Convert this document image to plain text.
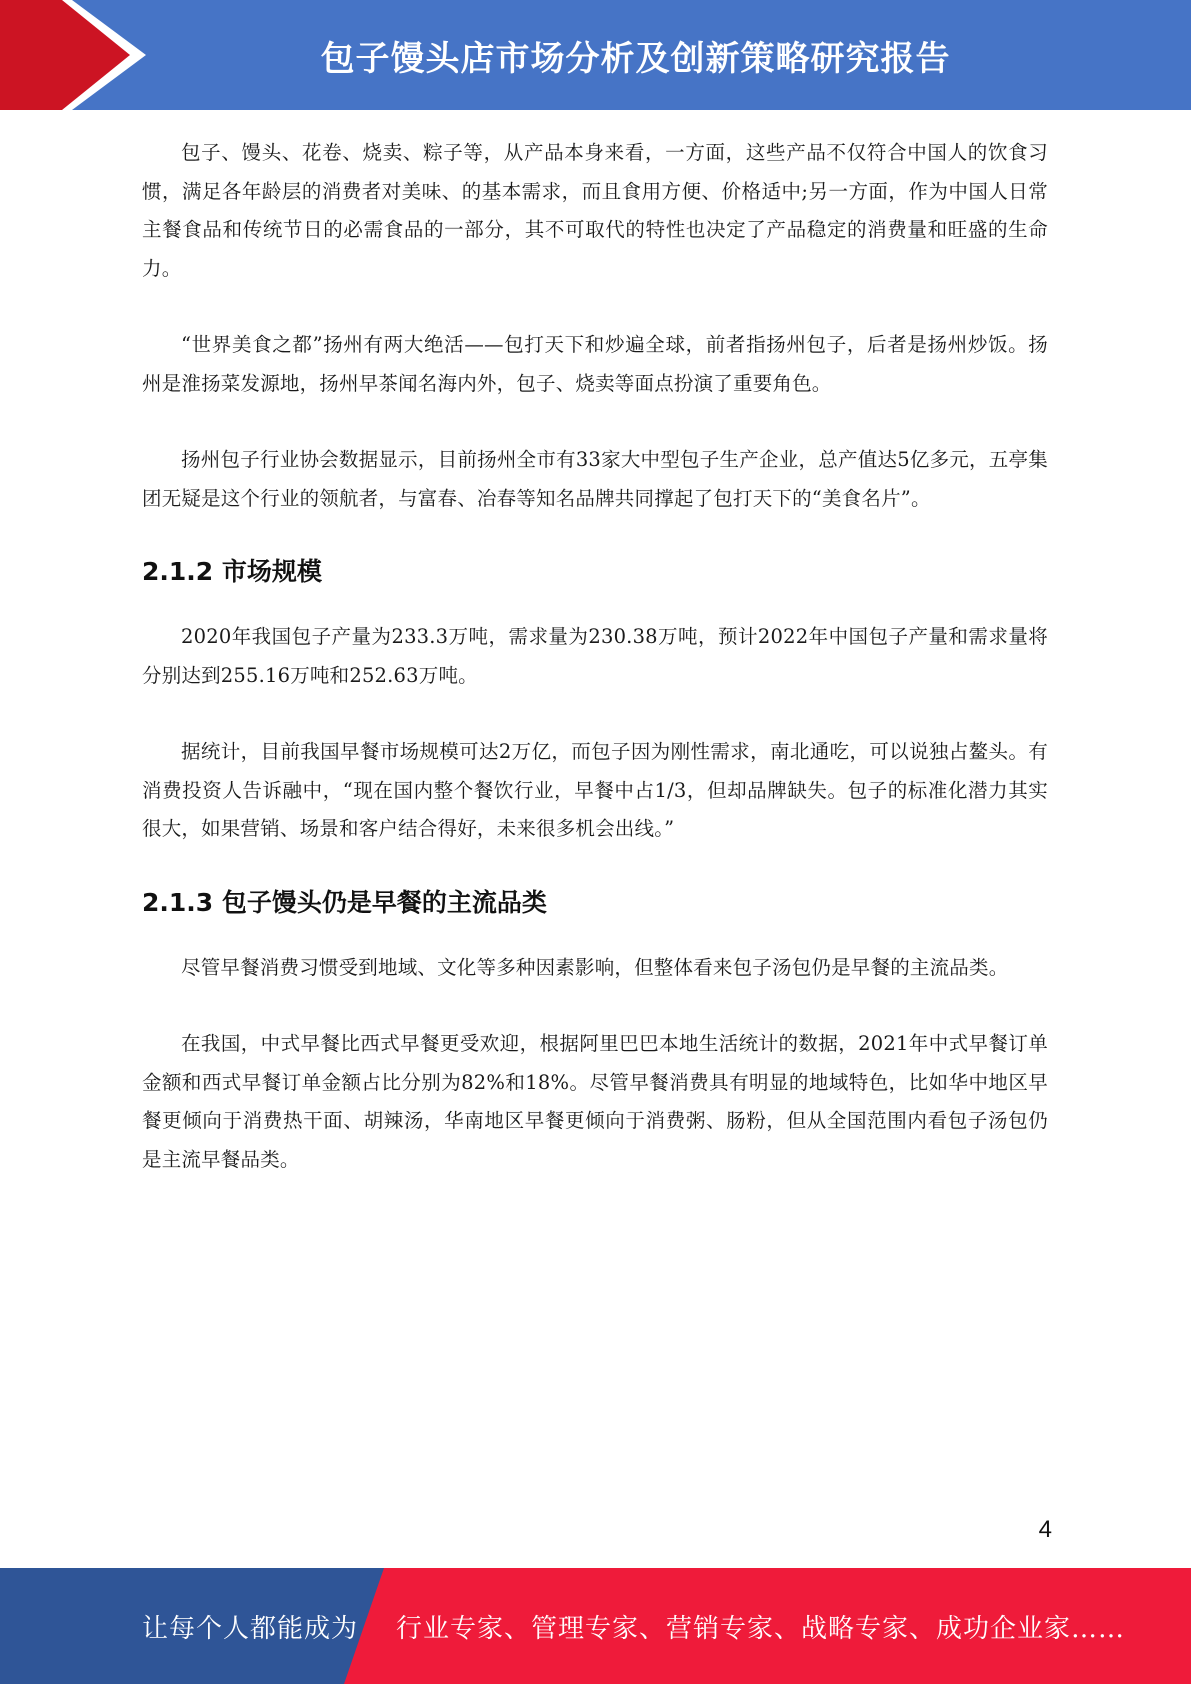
包子馒头店市场分析及创新策略研究报告

包子、馒头、花卷、烧卖、粽子等，从产品本身来看，一方面，这些产品不仅符合中国人的饮食习惯，满足各年龄层的消费者对美味、的基本需求，而且食用方便、价格适中;另一方面，作为中国人日常主餐食品和传统节日的必需食品的一部分，其不可取代的特性也决定了产品稳定的消费量和旺盛的生命力。

“世界美食之都”扬州有两大绝活——包打天下和炒遍全球，前者指扬州包子，后者是扬州炒饭。扬州是淮扬菜发源地，扬州早茶闻名海内外，包子、烧卖等面点扮演了重要角色。

扬州包子行业协会数据显示，目前扬州全市有33家大中型包子生产企业，总产值达5亿多元，五亭集团无疑是这个行业的领航者，与富春、冶春等知名品牌共同撑起了包打天下的“美食名片”。

2.1.2 市场规模

2020年我国包子产量为233.3万吨，需求量为230.38万吨，预计2022年中国包子产量和需求量将分别达到255.16万吨和252.63万吨。

据统计，目前我国早餐市场规模可达2万亿，而包子因为刚性需求，南北通吃，可以说独占鳌头。有消费投资人告诉融中，“现在国内整个餐饮行业，早餐中占1/3，但却品牌缺失。包子的标准化潜力其实很大，如果营销、场景和客户结合得好，未来很多机会出线。”

2.1.3 包子馒头仍是早餐的主流品类

尽管早餐消费习惯受到地域、文化等多种因素影响，但整体看来包子汤包仍是早餐的主流品类。

在我国，中式早餐比西式早餐更受欢迎，根据阿里巴巴本地生活统计的数据，2021年中式早餐订单金额和西式早餐订单金额占比分别为82%和18%。尽管早餐消费具有明显的地域特色，比如华中地区早餐更倾向于消费热干面、胡辣汤，华南地区早餐更倾向于消费粥、肠粉，但从全国范围内看包子汤包仍是主流早餐品类。

4
让每个人都能成为 行业专家、管理专家、营销专家、战略专家、成功企业家……
